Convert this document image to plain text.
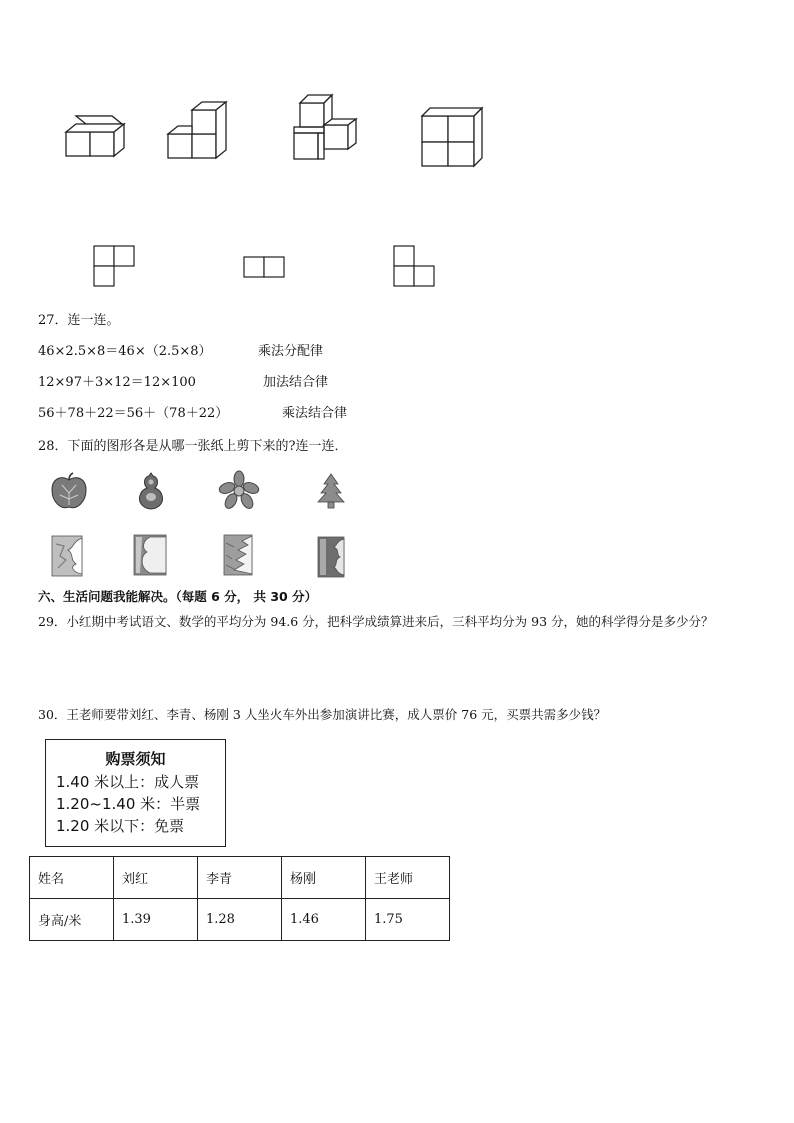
27．连一连。
46×2.5×8＝46×（2.5×8）
12×97＋3×12＝12×100
56＋78＋22＝56＋（78＋22）
乘法分配律
加法结合律
乘法结合律
28．下面的图形各是从哪一张纸上剪下来的?连一连．
六、生活问题我能解决。（每题 6 分， 共 30 分）
29．小红期中考试语文、数学的平均分为 94.6 分，把科学成绩算进来后，三科平均分为 93 分，她的科学得分是多少分？
30．王老师要带刘红、李青、杨刚 3 人坐火车外出参加演讲比赛，成人票价 76 元，买票共需多少钱？
购票须知
1.40 米以上：成人票
1.20~1.40 米：半票
1.20 米以下：免票
姓名	刘红	李青	杨刚	王老师
身高/米	1.39	1.28	1.46	1.75
